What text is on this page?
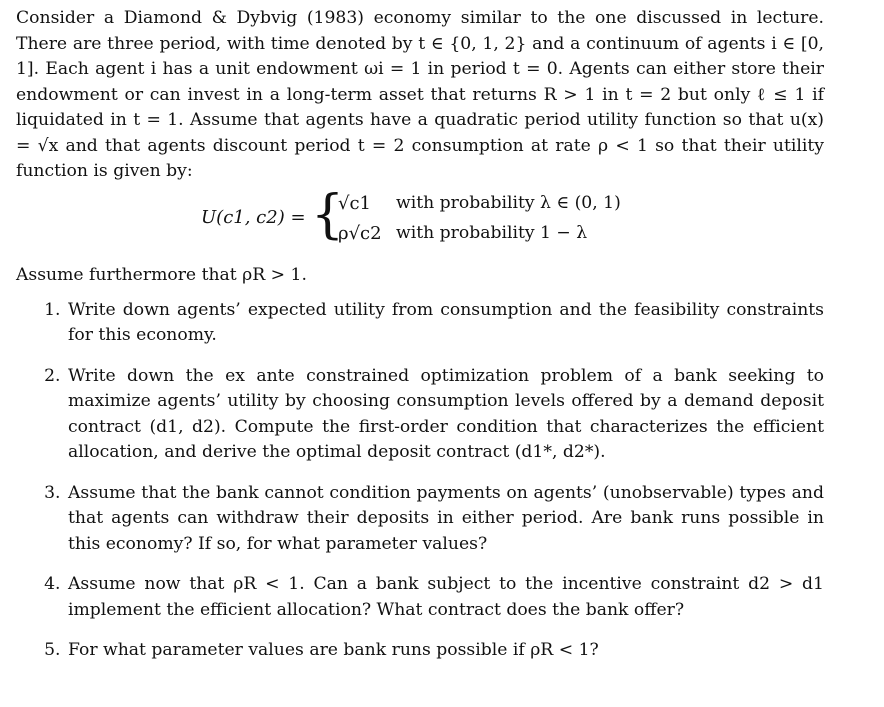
Consider a Diamond & Dybvig (1983) economy similar to the one discussed in lecture. There are three period, with time denoted by t ∈ {0, 1, 2} and a continuum of agents i ∈ [0, 1]. Each agent i has a unit endowment ωi = 1 in period t = 0. Agents can either store their endowment or can invest in a long-term asset that returns R > 1 in t = 2 but only ℓ ≤ 1 if liquidated in t = 1. Assume that agents have a quadratic period utility function so that u(x) = √x and that agents discount period t = 2 consumption at rate ρ < 1 so that their utility function is given by:

U(c1, c2) = {
√c1 with probability λ ∈ (0, 1)
ρ√c2 with probability 1 − λ

Assume furthermore that ρR > 1.

1. Write down agents’ expected utility from consumption and the feasibility constraints for this economy.
2. Write down the ex ante constrained optimization problem of a bank seeking to maximize agents’ utility by choosing consumption levels offered by a demand deposit contract (d1, d2). Compute the first-order condition that characterizes the efficient allocation, and derive the optimal deposit contract (d1*, d2*).
3. Assume that the bank cannot condition payments on agents’ (unobservable) types and that agents can withdraw their deposits in either period. Are bank runs possible in this economy? If so, for what parameter values?
4. Assume now that ρR < 1. Can a bank subject to the incentive constraint d2 > d1 implement the efficient allocation? What contract does the bank offer?
5. For what parameter values are bank runs possible if ρR < 1?
